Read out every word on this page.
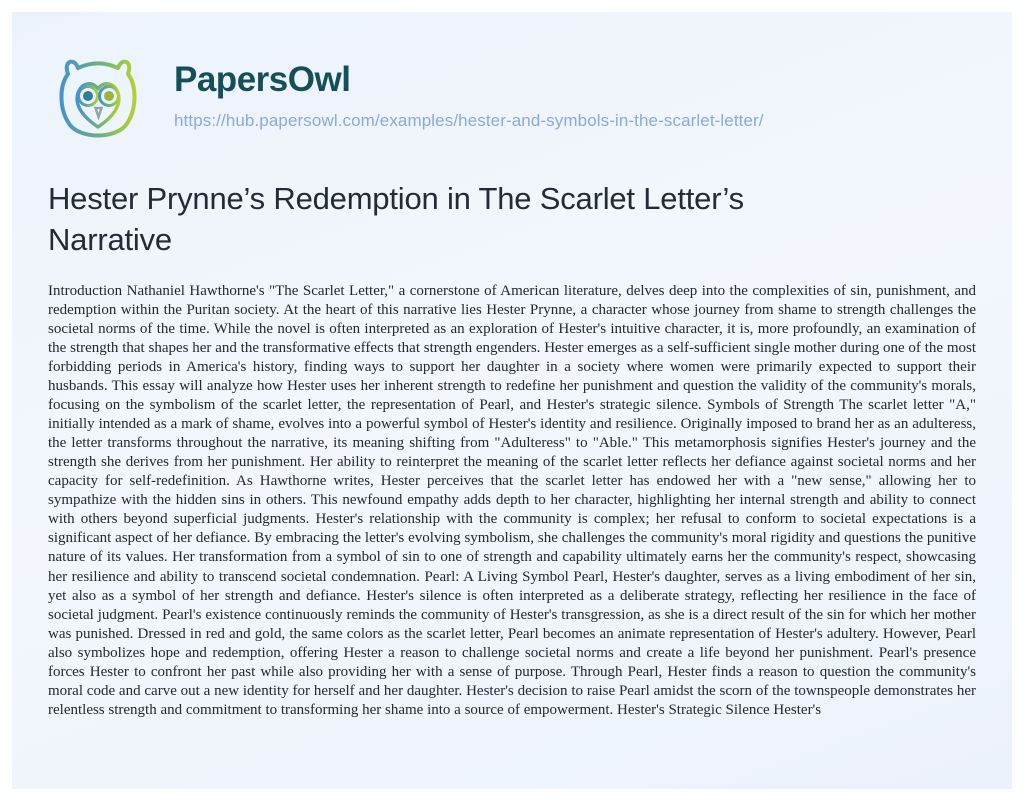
PapersOwl
https://hub.papersowl.com/examples/hester-and-symbols-in-the-scarlet-letter/
Hester Prynne’s Redemption in The Scarlet Letter’s Narrative

Introduction Nathaniel Hawthorne's "The Scarlet Letter," a cornerstone of American literature, delves deep into the complexities of sin, punishment, and redemption within the Puritan society. At the heart of this narrative lies Hester Prynne, a character whose journey from shame to strength challenges the societal norms of the time. While the novel is often interpreted as an exploration of Hester's intuitive character, it is, more profoundly, an examination of the strength that shapes her and the transformative effects that strength engenders. Hester emerges as a self-sufficient single mother during one of the most forbidding periods in America's history, finding ways to support her daughter in a society where women were primarily expected to support their husbands. This essay will analyze how Hester uses her inherent strength to redefine her punishment and question the validity of the community's morals, focusing on the symbolism of the scarlet letter, the representation of Pearl, and Hester's strategic silence. Symbols of Strength The scarlet letter "A," initially intended as a mark of shame, evolves into a powerful symbol of Hester's identity and resilience. Originally imposed to brand her as an adulteress, the letter transforms throughout the narrative, its meaning shifting from "Adulteress" to "Able." This metamorphosis signifies Hester's journey and the strength she derives from her punishment. Her ability to reinterpret the meaning of the scarlet letter reflects her defiance against societal norms and her capacity for self-redefinition. As Hawthorne writes, Hester perceives that the scarlet letter has endowed her with a "new sense," allowing her to sympathize with the hidden sins in others. This newfound empathy adds depth to her character, highlighting her internal strength and ability to connect with others beyond superficial judgments. Hester's relationship with the community is complex; her refusal to conform to societal expectations is a significant aspect of her defiance. By embracing the letter's evolving symbolism, she challenges the community's moral rigidity and questions the punitive nature of its values. Her transformation from a symbol of sin to one of strength and capability ultimately earns her the community's respect, showcasing her resilience and ability to transcend societal condemnation. Pearl: A Living Symbol Pearl, Hester's daughter, serves as a living embodiment of her sin, yet also as a symbol of her strength and defiance. Hester's silence is often interpreted as a deliberate strategy, reflecting her resilience in the face of societal judgment. Pearl's existence continuously reminds the community of Hester's transgression, as she is a direct result of the sin for which her mother was punished. Dressed in red and gold, the same colors as the scarlet letter, Pearl becomes an animate representation of Hester's adultery. However, Pearl also symbolizes hope and redemption, offering Hester a reason to challenge societal norms and create a life beyond her punishment. Pearl's presence forces Hester to confront her past while also providing her with a sense of purpose. Through Pearl, Hester finds a reason to question the community's moral code and carve out a new identity for herself and her daughter. Hester's decision to raise Pearl amidst the scorn of the townspeople demonstrates her relentless strength and commitment to transforming her shame into a source of empowerment. Hester's Strategic Silence Hester's
